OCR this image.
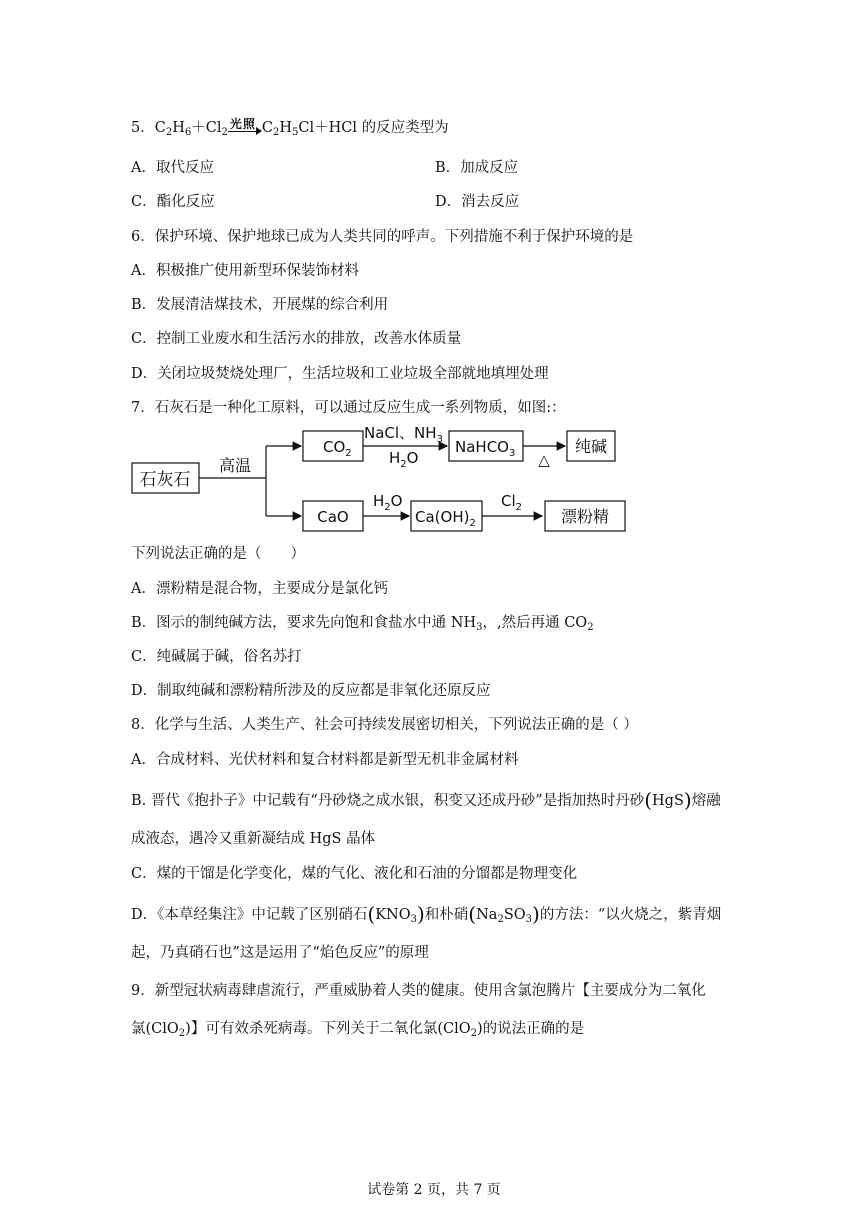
5．$C_2H_6+Cl_2$
光照 $C_2H_5Cl+HCl$ 的反应类型为
A．取代反应	B．加成反应
C．酯化反应	D．消去反应
6．保护环境、保护地球已成为人类共同的呼声。下列措施不利于保护环境的是
A．积极推广使用新型环保装饰材料
B．发展清洁煤技术，开展煤的综合利用
C．控制工业废水和生活污水的排放，改善水体质量
D．关闭垃圾焚烧处理厂，生活垃圾和工业垃圾全部就地填埋处理
7．石灰石是一种化工原料，可以通过反应生成一系列物质，如图:：
石灰石
高温
$CO_2$
NaCl、$NH_3$
$H_2O$
NaHCO$_3$ △
纯碱
CaO
$H_2O$
$Ca(OH)_2$
$Cl_2$ 漂粉精
下列说法正确的是（　　）
A．漂粉精是混合物，主要成分是氯化钙
B．图示的制纯碱方法，要求先向饱和食盐水中通 $NH_3$，,然后再通 $CO_2$
C．纯碱属于碱，俗名苏打
D．制取纯碱和漂粉精所涉及的反应都是非氧化还原反应
8．化学与生活、人类生产、社会可持续发展密切相关，下列说法正确的是（ ）
A．合成材料、光伏材料和复合材料都是新型无机非金属材料
B. 晋代《抱扑子》中记载有“丹砂烧之成水银，积变又还成丹砂”是指加热时丹砂(HgS)熔融
成液态，遇冷又重新凝结成 HgS 晶体
C．煤的干馏是化学变化，煤的气化、液化和石油的分馏都是物理变化
D．《本草经集注》中记载了区别硝石$(KNO_3)$和朴硝$(Na_2SO_3)$的方法：“以火烧之，紫青烟
起，乃真硝石也”这是运用了“焰色反应”的原理
9．新型冠状病毒肆虐流行，严重威胁着人类的健康。使用含氯泡腾片【主要成分为二氧化
氯(ClO$_2$)】可有效杀死病毒。下列关于二氧化氯(ClO$_2$)的说法正确的是
试卷第 2 页，共 7 页
